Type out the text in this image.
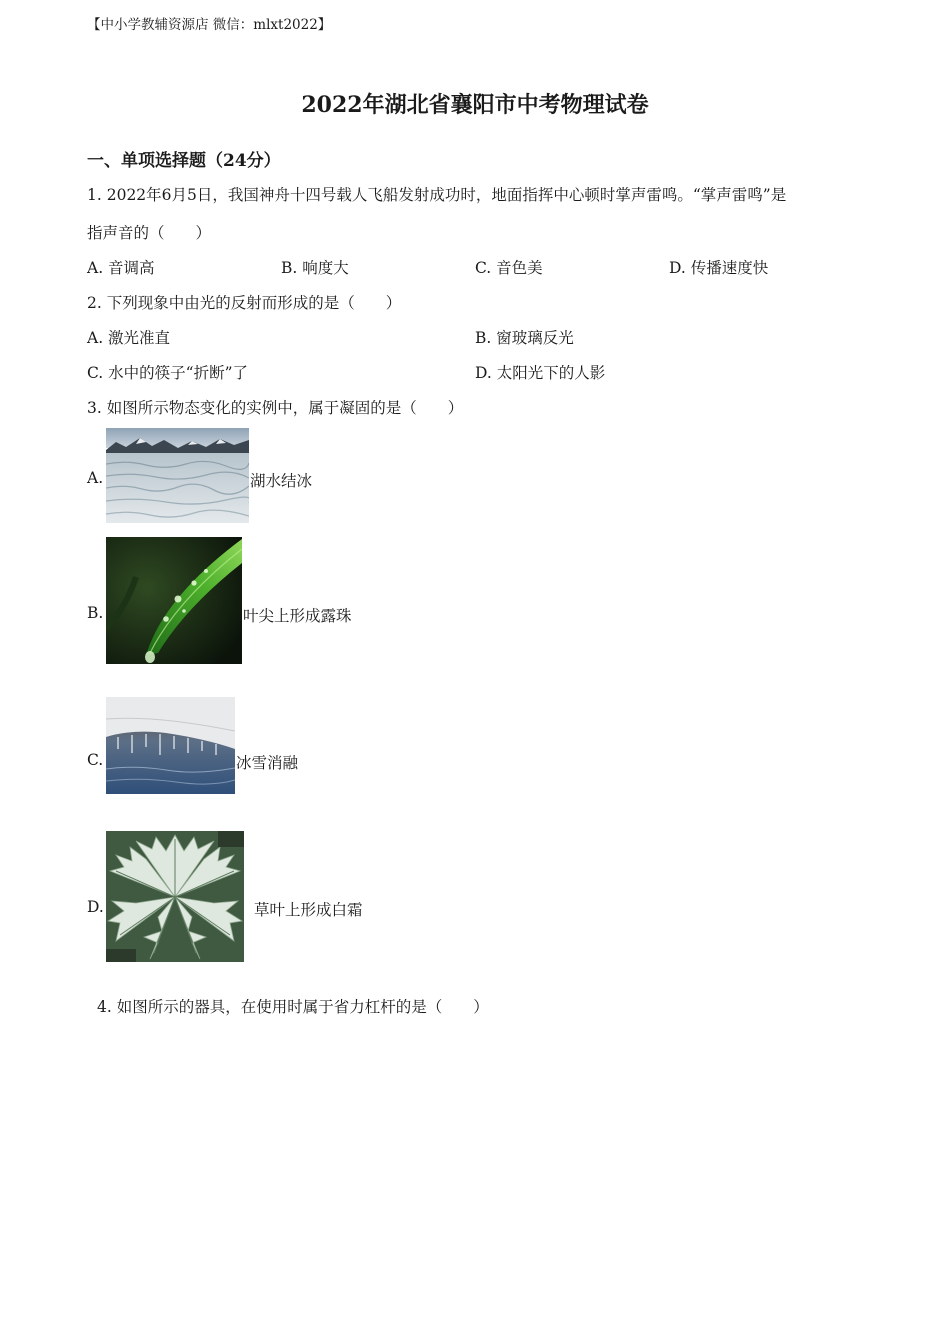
【中小学教辅资源店 微信：mlxt2022】
2022年湖北省襄阳市中考物理试卷
一、单项选择题（24分）
1. 2022年6月5日，我国神舟十四号载人飞船发射成功时，地面指挥中心顿时掌声雷鸣。“掌声雷鸣”是
指声音的（　　）
A. 音调高	B. 响度大	C. 音色美	D. 传播速度快
2. 下列现象中由光的反射而形成的是（　　）
A. 激光准直	B. 窗玻璃反光
C. 水中的筷子“折断”了	D. 太阳光下的人影
3. 如图所示物态变化的实例中，属于凝固的是（　　）
A.	湖水结冰
B.	叶尖上形成露珠
C.	冰雪消融
D.	草叶上形成白霜
4. 如图所示的器具，在使用时属于省力杠杆的是（　　）
